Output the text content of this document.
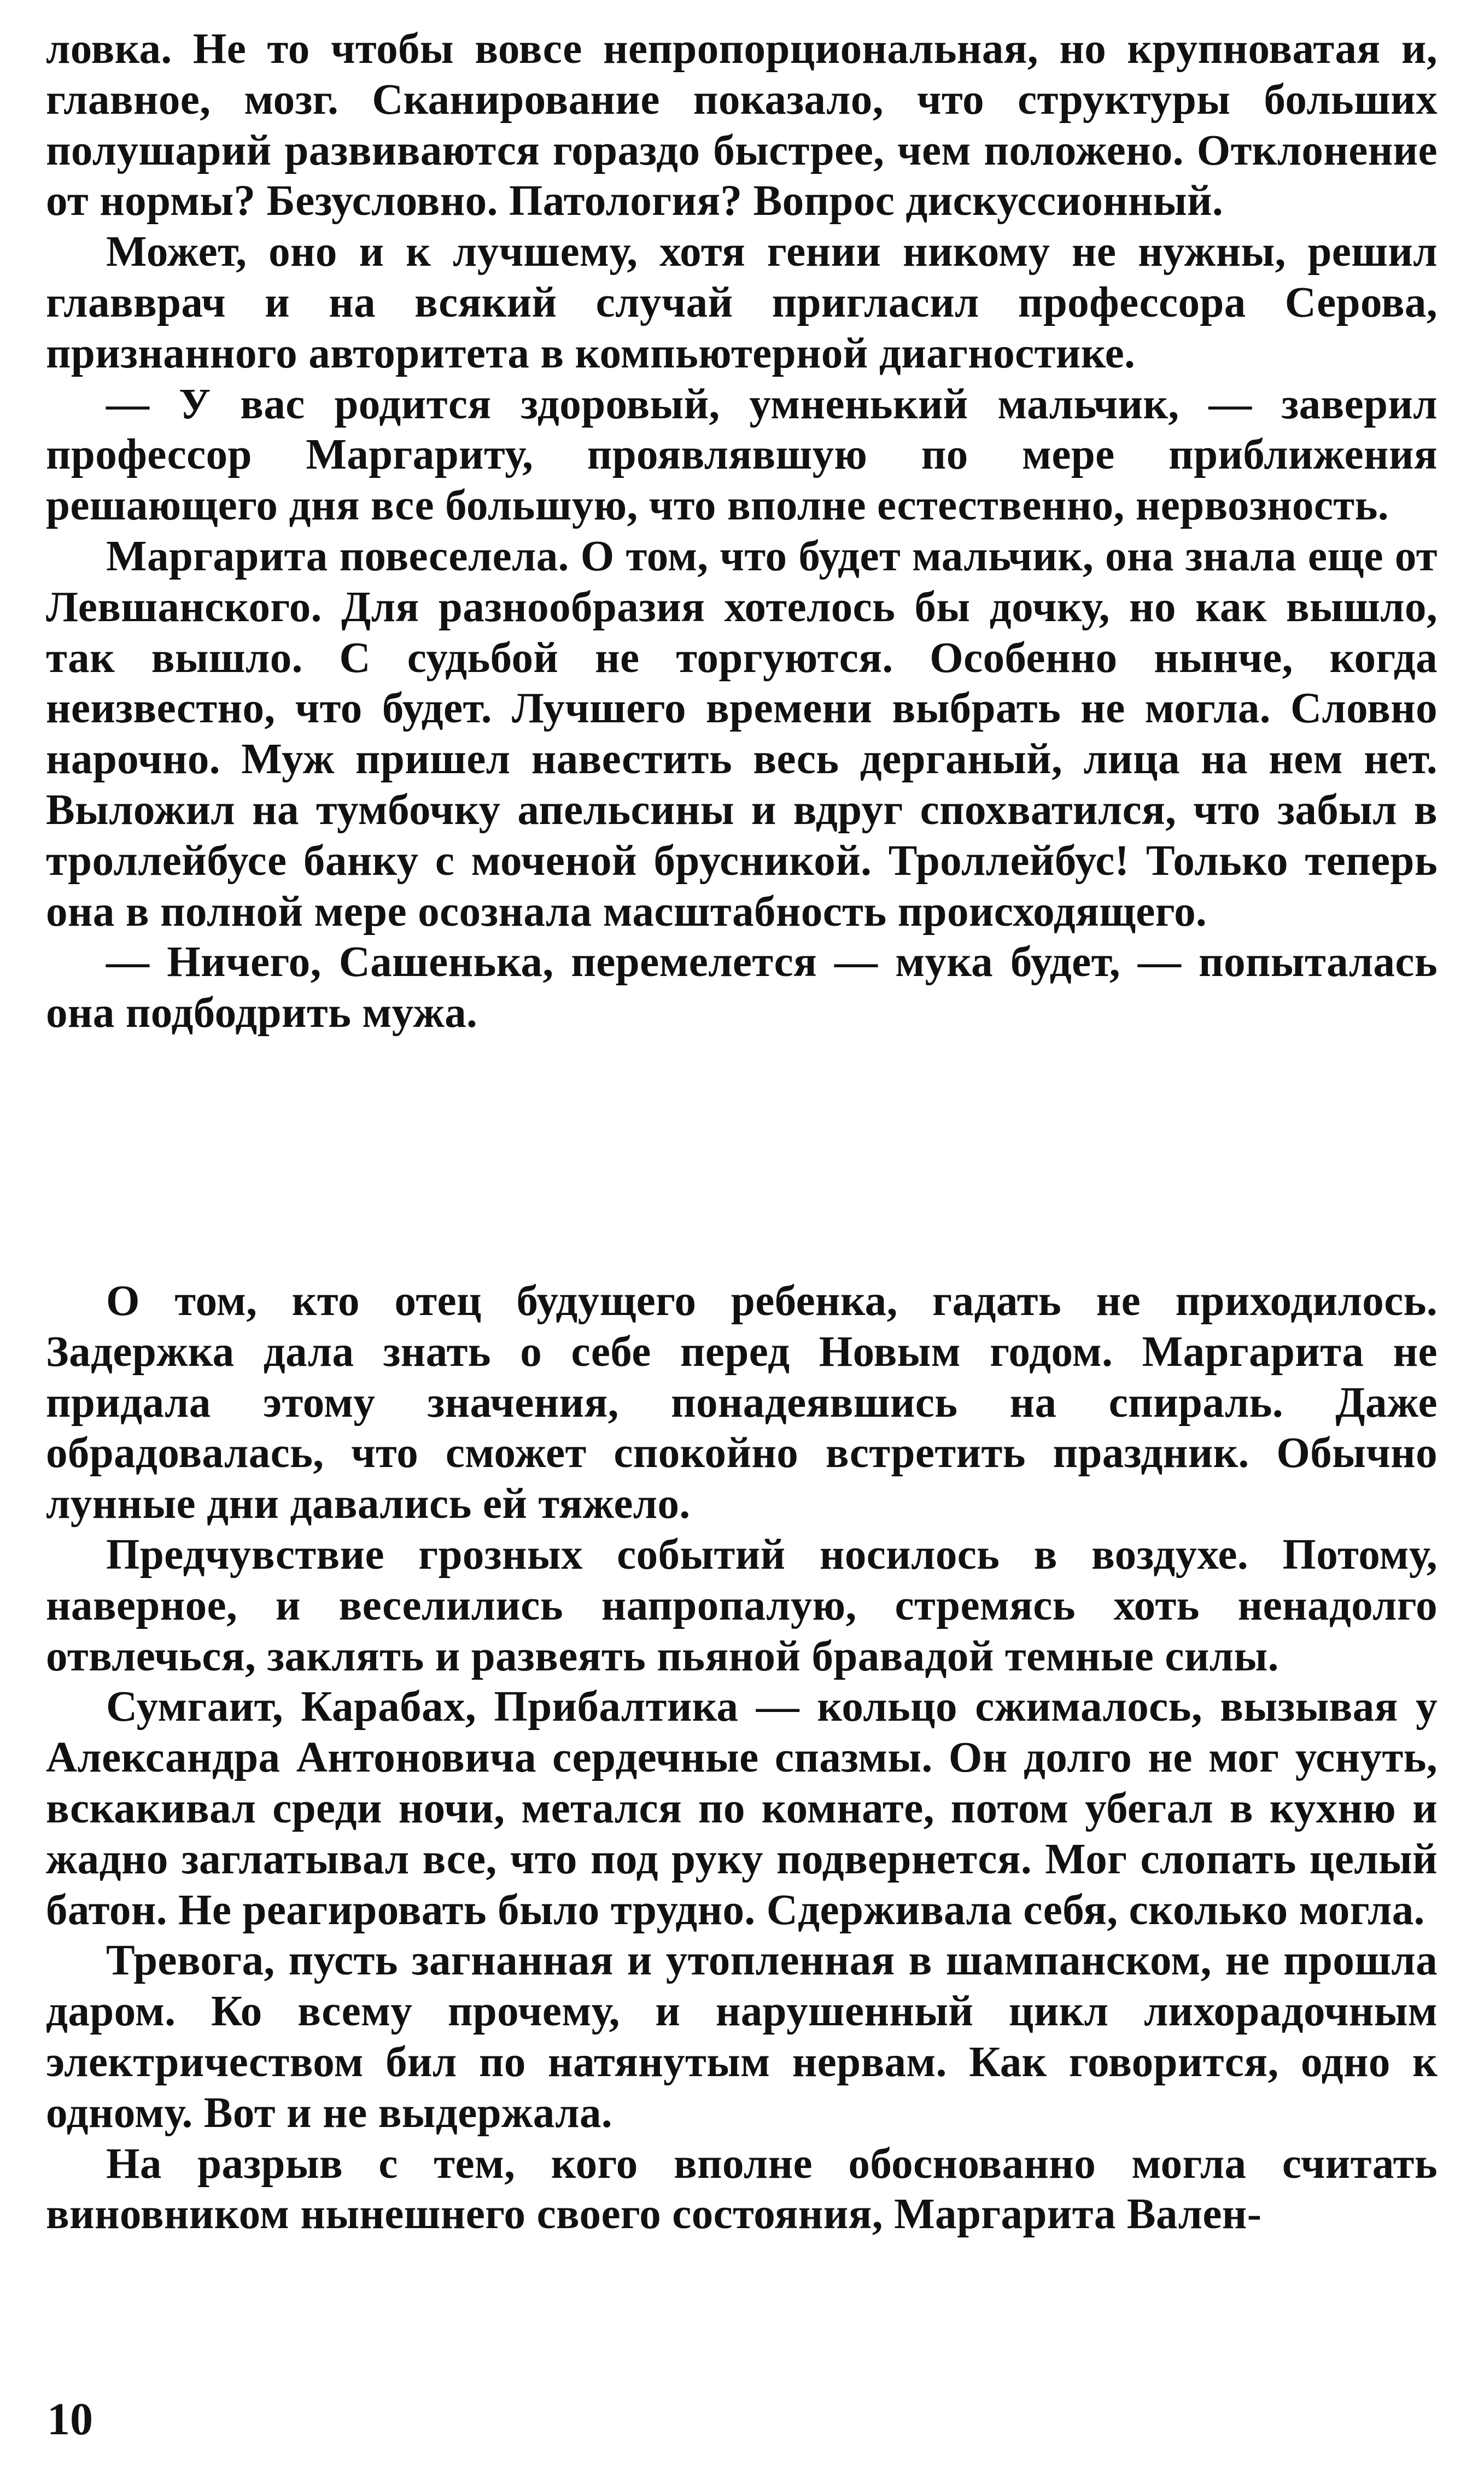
ловка. Не то чтобы вовсе непропорциональная, но крупноватая и, главное, мозг. Сканирование показало, что структуры больших полушарий развиваются гораздо быстрее, чем положено. Отклонение от нормы? Безусловно. Патология? Вопрос дискуссионный.

Может, оно и к лучшему, хотя гении никому не нужны, решил главврач и на всякий случай пригласил профессора Серова, признанного авторитета в компьютерной диагностике.

— У вас родится здоровый, умненький мальчик, — заверил профессор Маргариту, проявлявшую по мере приближения решающего дня все большую, что вполне естественно, нервозность.

Маргарита повеселела. О том, что будет мальчик, она знала еще от Левшанского. Для разнообразия хотелось бы дочку, но как вышло, так вышло. С судьбой не торгуются. Особенно нынче, когда неизвестно, что будет. Лучшего времени выбрать не могла. Словно нарочно. Муж пришел навестить весь дерганый, лица на нем нет. Выложил на тумбочку апельсины и вдруг спохватился, что забыл в троллейбусе банку с моченой брусникой. Троллейбус! Только теперь она в полной мере осознала масштабность происходящего.

— Ничего, Сашенька, перемелется — мука будет, — попыталась она подбодрить мужа.

О том, кто отец будущего ребенка, гадать не приходилось. Задержка дала знать о себе перед Новым годом. Маргарита не придала этому значения, понадеявшись на спираль. Даже обрадовалась, что сможет спокойно встретить праздник. Обычно лунные дни давались ей тяжело.

Предчувствие грозных событий носилось в воздухе. Потому, наверное, и веселились напропалую, стремясь хоть ненадолго отвлечься, заклять и развеять пьяной бравадой темные силы.

Сумгаит, Карабах, Прибалтика — кольцо сжималось, вызывая у Александра Антоновича сердечные спазмы. Он долго не мог уснуть, вскакивал среди ночи, метался по комнате, потом убегал в кухню и жадно заглатывал все, что под руку подвернется. Мог слопать целый батон. Не реагировать было трудно. Сдерживала себя, сколько могла.

Тревога, пусть загнанная и утопленная в шампанском, не прошла даром. Ко всему прочему, и нарушенный цикл лихорадочным электричеством бил по натянутым нервам. Как говорится, одно к одному. Вот и не выдержала.

На разрыв с тем, кого вполне обоснованно могла считать виновником нынешнего своего состояния, Маргарита Вален-

10
